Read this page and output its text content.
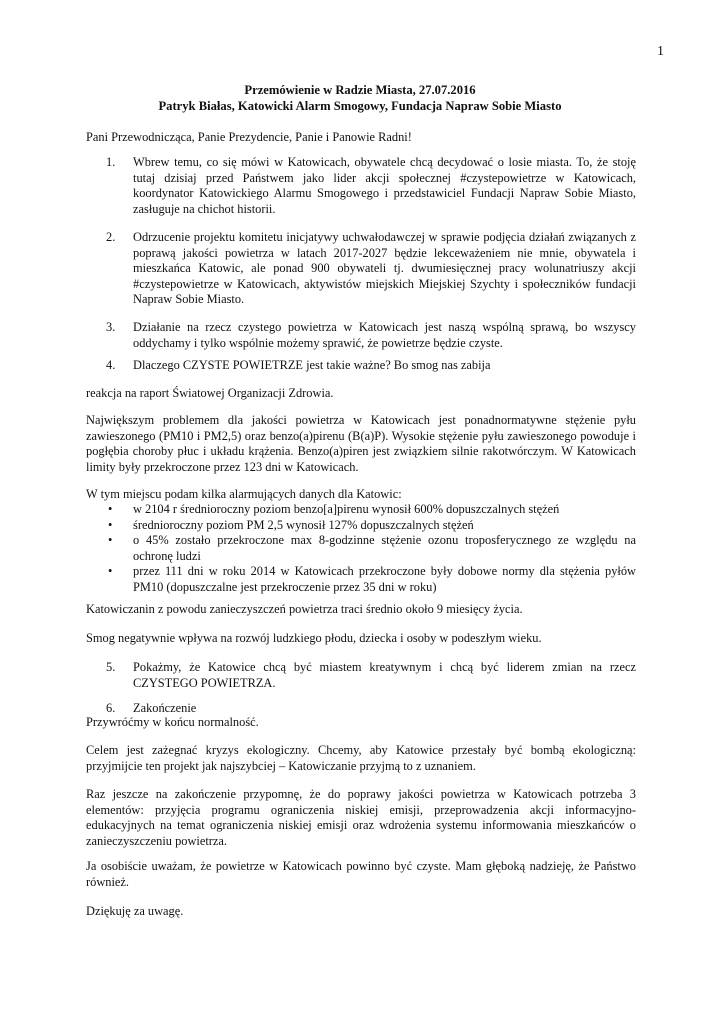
1
Przemówienie w Radzie Miasta, 27.07.2016
Patryk Białas, Katowicki Alarm Smogowy, Fundacja Napraw Sobie Miasto

Pani Przewodnicząca, Panie Prezydencie, Panie i Panowie Radni!

1. Wbrew temu, co się mówi w Katowicach, obywatele chcą decydować o losie miasta. To, że stoję tutaj dzisiaj przed Państwem jako lider akcji społecznej #czystepowietrze w Katowicach, koordynator Katowickiego Alarmu Smogowego i przedstawiciel Fundacji Napraw Sobie Miasto, zasługuje na chichot historii.

2. Odrzucenie projektu komitetu inicjatywy uchwałodawczej w sprawie podjęcia działań związanych z poprawą jakości powietrza w latach 2017-2027 będzie lekceważeniem nie mnie, obywatela i mieszkańca Katowic, ale ponad 900 obywateli tj. dwumiesięcznej pracy wolunatriuszy akcji #czystepowietrze w Katowicach, aktywistów miejskich Miejskiej Szychty i społeczników fundacji Napraw Sobie Miasto.

3. Działanie na rzecz czystego powietrza w Katowicach jest naszą wspólną sprawą, bo wszyscy oddychamy i tylko wspólnie możemy sprawić, że powietrze będzie czyste.

4. Dlaczego CZYSTE POWIETRZE jest takie ważne? Bo smog nas zabija

reakcja na raport Światowej Organizacji Zdrowia.

Największym problemem dla jakości powietrza w Katowicach jest ponadnormatywne stężenie pyłu zawieszonego (PM10 i PM2,5) oraz benzo(a)pirenu (B(a)P). Wysokie stężenie pyłu zawieszonego powoduje i pogłębia choroby płuc i układu krążenia. Benzo(a)piren jest związkiem silnie rakotwórczym. W Katowicach limity były przekroczone przez 123 dni w Katowicach.

W tym miejscu podam kilka alarmujących danych dla Katowic:

• w 2104 r średnioroczny poziom benzo[a]pirenu wynosił 600% dopuszczalnych stężeń

• średnioroczny poziom PM 2,5 wynosił 127% dopuszczalnych stężeń

• o 45% zostało przekroczone max 8-godzinne stężenie ozonu troposferycznego ze względu na ochronę ludzi

• przez 111 dni w roku 2014 w Katowicach przekroczone były dobowe normy dla stężenia pyłów PM10 (dopuszczalne jest przekroczenie przez 35 dni w roku)

Katowiczanin z powodu zanieczyszczeń powietrza traci średnio około 9 miesięcy życia.

Smog negatywnie wpływa na rozwój ludzkiego płodu, dziecka i osoby w podeszłym wieku.

5. Pokażmy, że Katowice chcą być miastem kreatywnym i chcą być liderem zmian na rzecz CZYSTEGO POWIETRZA.

6. Zakończenie

Przywróćmy w końcu normalność.

Celem jest zażegnać kryzys ekologiczny. Chcemy, aby Katowice przestały być bombą ekologiczną: przyjmijcie ten projekt jak najszybciej – Katowiczanie przyjmą to z uznaniem.

Raz jeszcze na zakończenie przypomnę, że do poprawy jakości powietrza w Katowicach potrzeba 3 elementów: przyjęcia programu ograniczenia niskiej emisji, przeprowadzenia akcji informacyjno-edukacyjnych na temat ograniczenia niskiej emisji oraz wdrożenia systemu informowania mieszkańców o zanieczyszczeniu powietrza.

Ja osobiście uważam, że powietrze w Katowicach powinno być czyste. Mam głęboką nadzieję, że Państwo również.

Dziękuję za uwagę.
